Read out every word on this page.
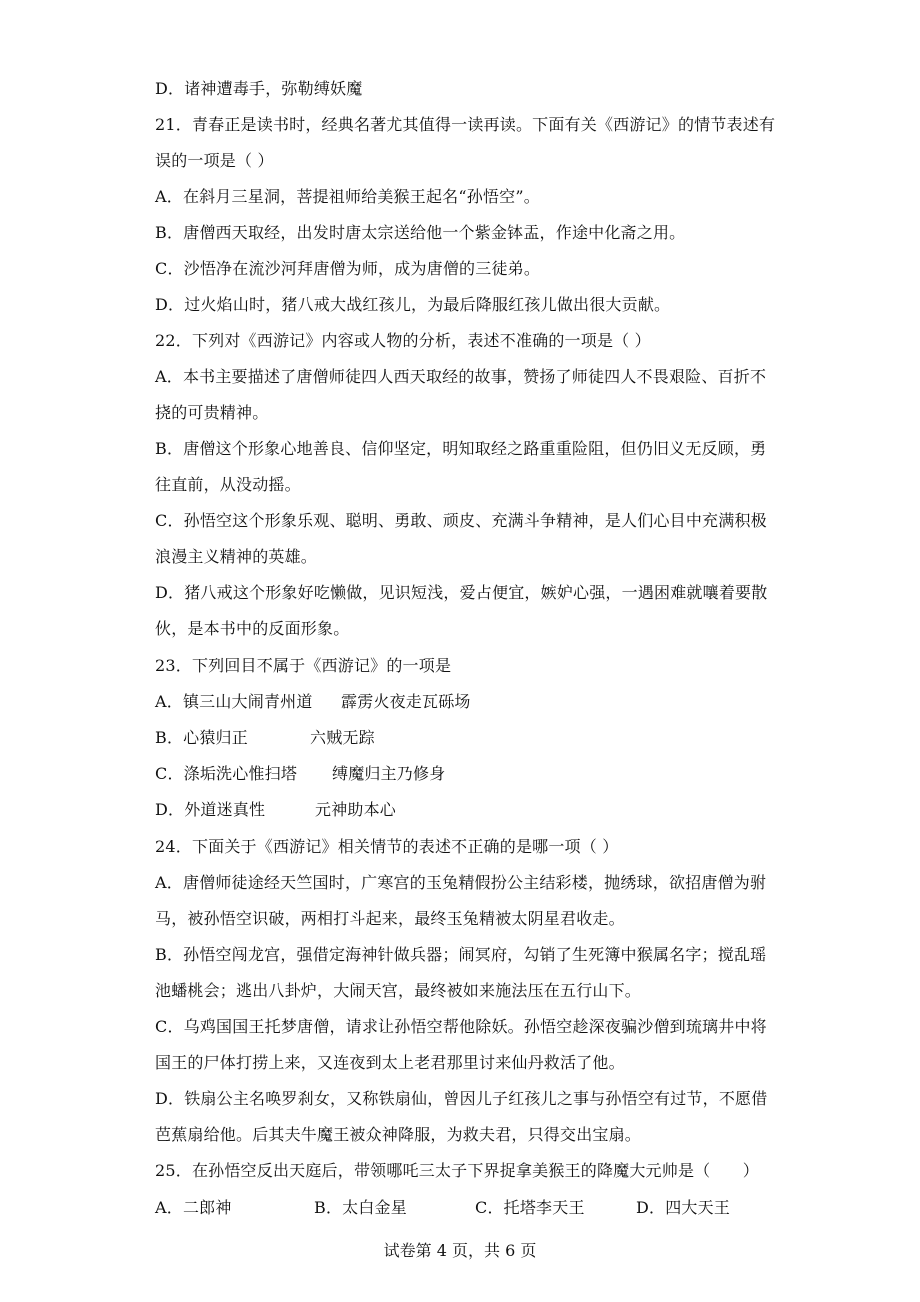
D．诸神遭毒手，弥勒缚妖魔
21．青春正是读书时，经典名著尤其值得一读再读。下面有关《西游记》的情节表述有
误的一项是（ ）
A．在斜月三星洞，菩提祖师给美猴王起名“孙悟空”。
B．唐僧西天取经，出发时唐太宗送给他一个紫金钵盂，作途中化斋之用。
C．沙悟净在流沙河拜唐僧为师，成为唐僧的三徒弟。
D．过火焰山时，猪八戒大战红孩儿，为最后降服红孩儿做出很大贡献。
22．下列对《西游记》内容或人物的分析，表述不准确的一项是（ ）
A．本书主要描述了唐僧师徒四人西天取经的故事，赞扬了师徒四人不畏艰险、百折不
挠的可贵精神。
B．唐僧这个形象心地善良、信仰坚定，明知取经之路重重险阻，但仍旧义无反顾，勇
往直前，从没动摇。
C．孙悟空这个形象乐观、聪明、勇敢、顽皮、充满斗争精神，是人们心目中充满积极
浪漫主义精神的英雄。
D．猪八戒这个形象好吃懒做，见识短浅，爱占便宜，嫉妒心强，一遇困难就嚷着要散
伙，是本书中的反面形象。
23．下列回目不属于《西游记》的一项是
A．镇三山大闹青州道 霹雳火夜走瓦砾场
B．心猿归正	六贼无踪
C．涤垢洗心惟扫塔 缚魔归主乃修身
D．外道迷真性	元神助本心
24．下面关于《西游记》相关情节的表述不正确的是哪一项（ ）
A．唐僧师徒途经天竺国时，广寒宫的玉兔精假扮公主结彩楼，抛绣球，欲招唐僧为驸
马，被孙悟空识破，两相打斗起来，最终玉兔精被太阴星君收走。
B．孙悟空闯龙宫，强借定海神针做兵器；闹冥府，勾销了生死簿中猴属名字；搅乱瑶
池蟠桃会；逃出八卦炉，大闹天宫，最终被如来施法压在五行山下。
C．乌鸡国国王托梦唐僧，请求让孙悟空帮他除妖。孙悟空趁深夜骗沙僧到琉璃井中将
国王的尸体打捞上来，又连夜到太上老君那里讨来仙丹救活了他。
D．铁扇公主名唤罗刹女，又称铁扇仙，曾因儿子红孩儿之事与孙悟空有过节，不愿借
芭蕉扇给他。后其夫牛魔王被众神降服，为救夫君，只得交出宝扇。
25．在孙悟空反出天庭后，带领哪吒三太子下界捉拿美猴王的降魔大元帅是（　　）
A．二郎神	B．太白金星	C．托塔李天王	D．四大天王
试卷第 4 页，共 6 页
